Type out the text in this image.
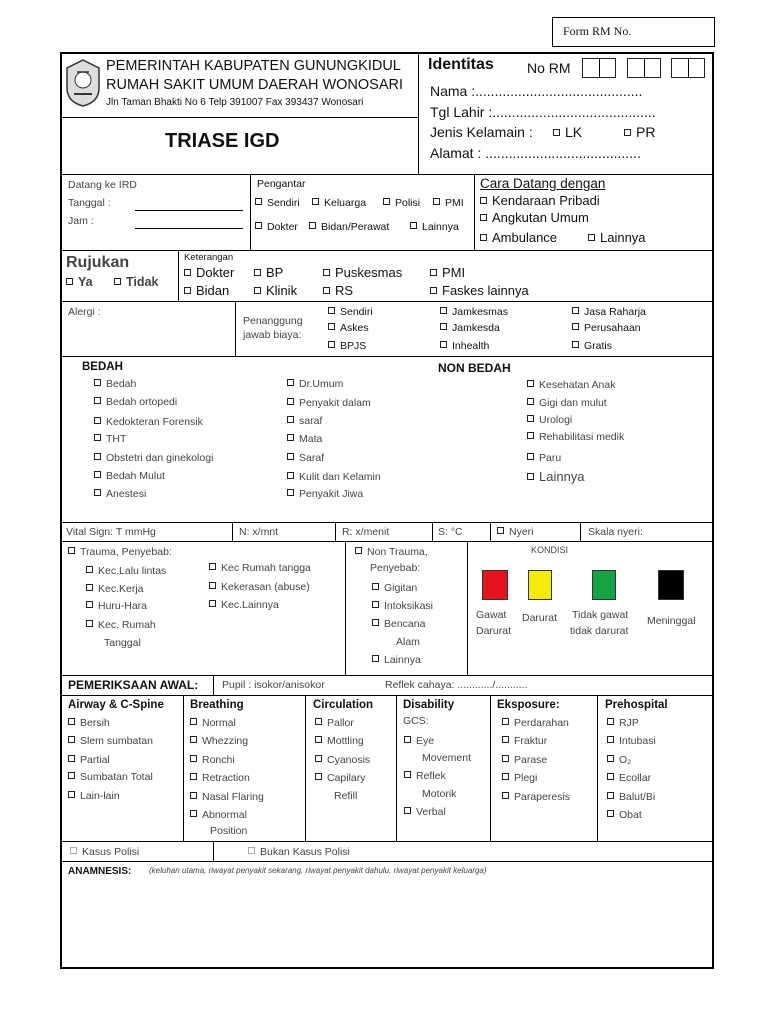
Form RM No.
PEMERINTAH KABUPATEN GUNUNGKIDUL
RUMAH SAKIT UMUM DAERAH WONOSARI
Jln Taman Bhakti No 6 Telp 391007 Fax 393437 Wonosari
TRIASE IGD
Identitas No RM
Nama :...........................................
Tgl Lahir :..........................................
Jenis Kelamain :	LK	PR
Alamat : ........................................
Datang ke IRD
Tanggal :
Jam :
Pengantar
Sendiri	Keluarga	Polisi	PMI
Dokter	Bidan/Perawat	Lainnya
Cara Datang dengan
Kendaraan Pribadi
Angkutan Umum
Ambulance	Lainnya
Rujukan
Ya	Tidak
Keterangan
Dokter	BP	Puskesmas	PMI
Bidan	Klinik	RS	Faskes lainnya
Alergi :
Penanggung
jawab biaya:
Sendiri	Jamkesmas	Jasa Raharja
Askes	Jamkesda	Perusahaan
BPJS	Inhealth	Gratis
BEDAH	NON BEDAH
Bedah
Bedah ortopedi
Kedokteran Forensik
THT
Obstetri dan ginekologi
Bedah Mulut
Anestesi
Dr.Umum
Penyakit dalam
saraf
Mata
Saraf
Kulit dan Kelamin
Penyakit Jiwa
Kesehatan Anak
Gigi dan mulut
Urologi
Rehabilitasi medik
Paru
Lainnya
Vital Sign: T mmHg	N: x/mnt	R: x/menit	S: °C	Nyeri	Skala nyeri:
Trauma, Penyebab:
Kec.Lalu lintas
Kec.Kerja
Huru-Hara
Kec. Rumah
Tanggal
Kec Rumah tangga
Kekerasan (abuse)
Kec.Lainnya
Non Trauma,
Penyebab:
Gigitan
Intoksikasi
Bencana
Alam
Lainnya
KONDISI
Gawat
Darurat
Darurat Tidak gawat
tidak darurat
Meninggal
PEMERIKSAAN AWAL: Pupil : isokor/anisokor	Reflek cahaya: ............/...........
Airway & C-Spine
Bersih
Slem sumbatan
Partial
Sumbatan Total
Lain-lain
Breathing
Normal
Whezzing
Ronchi
Retraction
Nasal Flaring
Abnormal
Position
Circulation
Pallor
Mottling
Cyanosis
Capilary
Refill
Disability
GCS:
Eye
Movement
Reflek
Motorik
Verbal
Eksposure:
Perdarahan
Fraktur
Parase
Plegi
Paraperesis
Prehospital
RJP
Intubasi
O₂
Ecollar
Balut/Bi
Obat
Kasus Polisi	Bukan Kasus Polisi
ANAMNESIS: (keluhan utama, riwayat penyakit sekarang, riwayat penyakit dahulu, riwayat penyakit keluarga)
